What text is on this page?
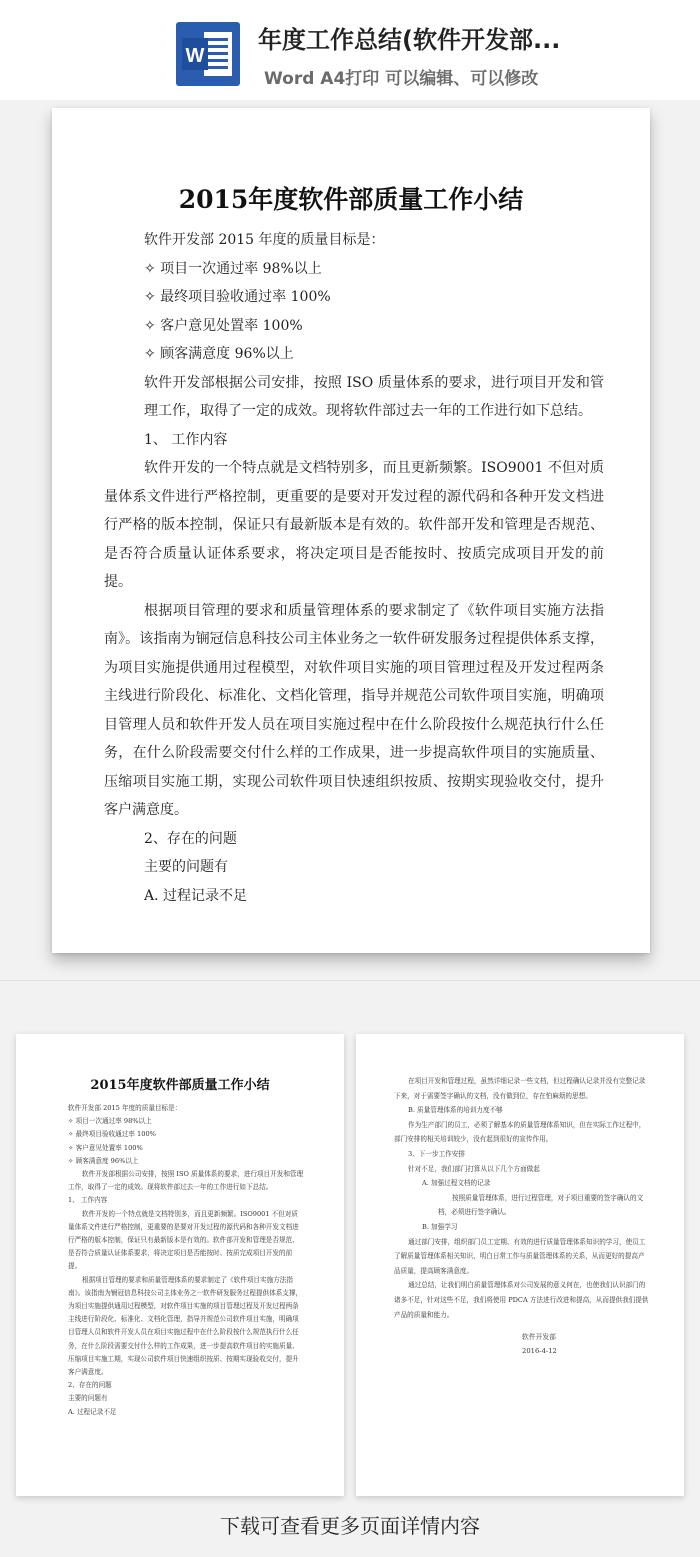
W
年度工作总结(软件开发部...
Word A4打印 可以编辑、可以修改
2015年度软件部质量工作小结

软件开发部 2015 年度的质量目标是：

✧ 项目一次通过率 98%以上

✧ 最终项目验收通过率 100%

✧ 客户意见处置率 100%

✧ 顾客满意度 96%以上

软件开发部根据公司安排，按照 ISO 质量体系的要求，进行项目开发和管理工作，取得了一定的成效。现将软件部过去一年的工作进行如下总结。

1、 工作内容

软件开发的一个特点就是文档特别多，而且更新频繁。ISO9001 不但对质量体系文件进行严格控制，更重要的是要对开发过程的源代码和各种开发文档进行严格的版本控制，保证只有最新版本是有效的。软件部开发和管理是否规范、是否符合质量认证体系要求，将决定项目是否能按时、按质完成项目开发的前提。

根据项目管理的要求和质量管理体系的要求制定了《软件项目实施方法指南》。该指南为锎冠信息科技公司主体业务之一软件研发服务过程提供体系支撑，为项目实施提供通用过程模型，对软件项目实施的项目管理过程及开发过程两条主线进行阶段化、标准化、文档化管理，指导并规范公司软件项目实施，明确项目管理人员和软件开发人员在项目实施过程中在什么阶段按什么规范执行什么任务，在什么阶段需要交付什么样的工作成果，进一步提高软件项目的实施质量、压缩项目实施工期，实现公司软件项目快速组织按质、按期实现验收交付，提升客户满意度。

2、存在的问题

主要的问题有

A. 过程记录不足

2015年度软件部质量工作小结

软件开发部 2015 年度的质量目标是：

✧ 项目一次通过率 98%以上

✧ 最终项目验收通过率 100%

✧ 客户意见处置率 100%

✧ 顾客满意度 96%以上

软件开发部根据公司安排，按照 ISO 质量体系的要求，进行项目开发和管理工作，取得了一定的成效。现将软件部过去一年的工作进行如下总结。

1、 工作内容

软件开发的一个特点就是文档特别多，而且更新频繁。ISO9001 不但对质量体系文件进行严格控制，更重要的是要对开发过程的源代码和各种开发文档进行严格的版本控制，保证只有最新版本是有效的。软件部开发和管理是否规范、是否符合质量认证体系要求，将决定项目是否能按时、按质完成项目开发的前提。

根据项目管理的要求和质量管理体系的要求制定了《软件项目实施方法指南》。该指南为锎冠信息科技公司主体业务之一软件研发服务过程提供体系支撑，为项目实施提供通用过程模型，对软件项目实施的项目管理过程及开发过程两条主线进行阶段化、标准化、文档化管理，指导并规范公司软件项目实施，明确项目管理人员和软件开发人员在项目实施过程中在什么阶段按什么规范执行什么任务，在什么阶段需要交付什么样的工作成果，进一步提高软件项目的实施质量、压缩项目实施工期，实现公司软件项目快速组织按质、按期实现验收交付，提升客户满意度。

2、存在的问题

主要的问题有

A. 过程记录不足

在项目开发和管理过程，虽然详细记录一些文档，但过程确认记录并没有完整记录下来，对于需要签字确认的文档，没有做到位，存在怕麻烦的思想。

B. 质量管理体系的培训力度不够

作为生产部门的员工，必须了解基本的质量管理体系知识，但在实际工作过程中，部门安排的相关培训较少，没有起到很好的宣传作用。

3、下一步工作安排

针对不足，我们部门打算从以下几个方面做起

A. 加强过程文档的记录

按照质量管理体系，进行过程管理，对于项目重要的签字确认的文档，必须进行签字确认。

B. 加强学习

通过部门安排，组织部门员工定期、有效的进行质量管理体系知识的学习，使员工了解质量管理体系相关知识，明白日常工作与质量管理体系的关系，从而更好的提高产品质量，提高顾客满意度。

通过总结，让我们明白质量管理体系对公司发展的意义何在，也使我们认识部门的诸多不足，针对这些不足，我们将使用 PDCA 方法进行改进和提高，从而提供我们提供产品的质量和能力。

软件开发部
2016-4-12
下载可查看更多页面详情内容
